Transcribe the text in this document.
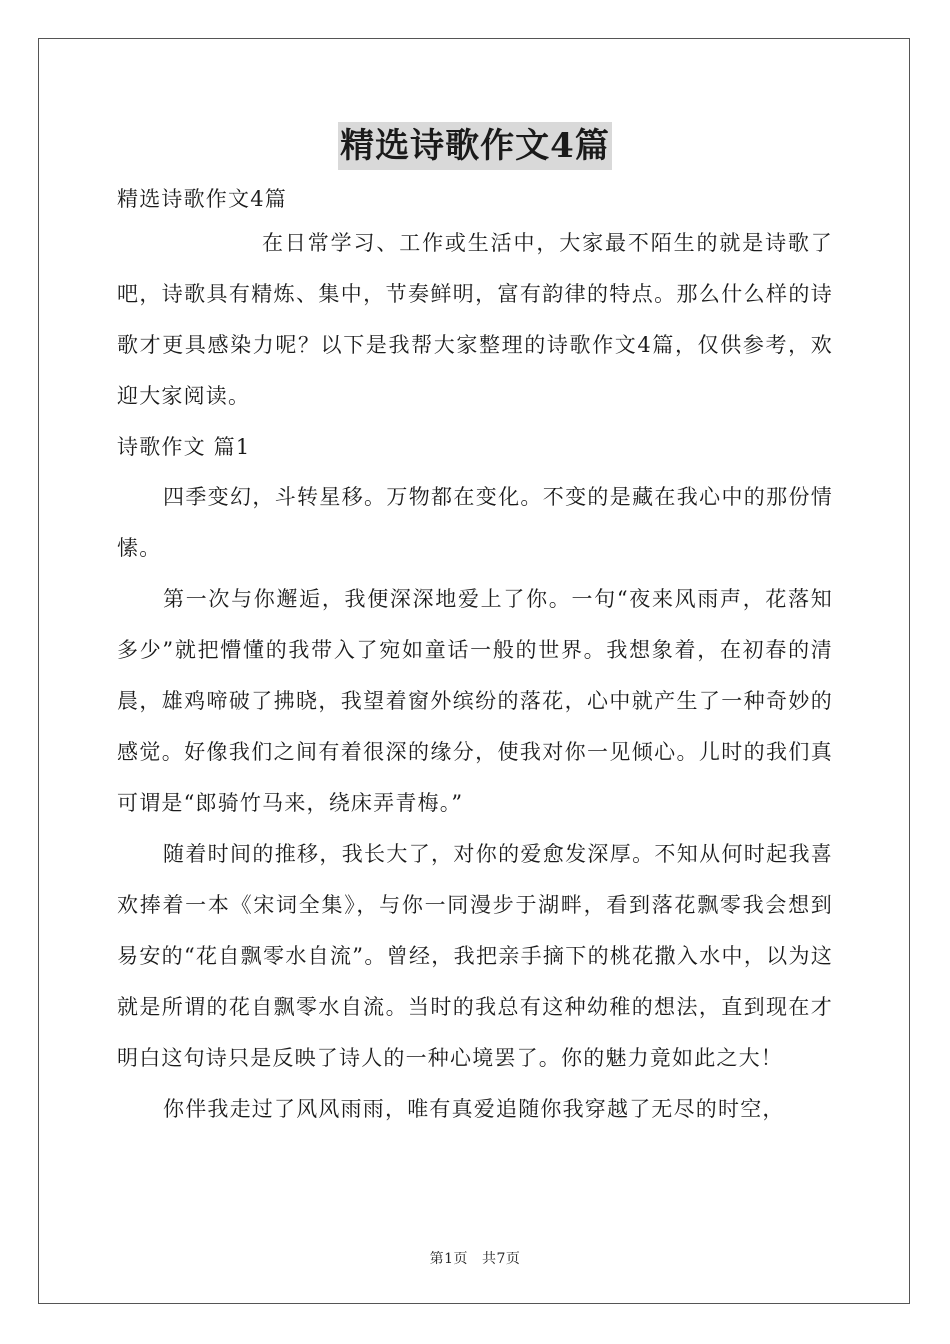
精选诗歌作文4篇

精选诗歌作文4篇

在日常学习、工作或生活中，大家最不陌生的就是诗歌了吧，诗歌具有精炼、集中，节奏鲜明，富有韵律的特点。那么什么样的诗歌才更具感染力呢？以下是我帮大家整理的诗歌作文4篇，仅供参考，欢迎大家阅读。

诗歌作文 篇1

四季变幻，斗转星移。万物都在变化。不变的是藏在我心中的那份情愫。

第一次与你邂逅，我便深深地爱上了你。一句“夜来风雨声，花落知多少”就把懵懂的我带入了宛如童话一般的世界。我想象着，在初春的清晨，雄鸡啼破了拂晓，我望着窗外缤纷的落花，心中就产生了一种奇妙的感觉。好像我们之间有着很深的缘分，使我对你一见倾心。儿时的我们真可谓是“郎骑竹马来，绕床弄青梅。”

随着时间的推移，我长大了，对你的爱愈发深厚。不知从何时起我喜欢捧着一本《宋词全集》，与你一同漫步于湖畔，看到落花飘零我会想到易安的“花自飘零水自流”。曾经，我把亲手摘下的桃花撒入水中，以为这就是所谓的花自飘零水自流。当时的我总有这种幼稚的想法，直到现在才明白这句诗只是反映了诗人的一种心境罢了。你的魅力竟如此之大！

你伴我走过了风风雨雨，唯有真爱追随你我穿越了无尽的时空，

第1页 共7页
